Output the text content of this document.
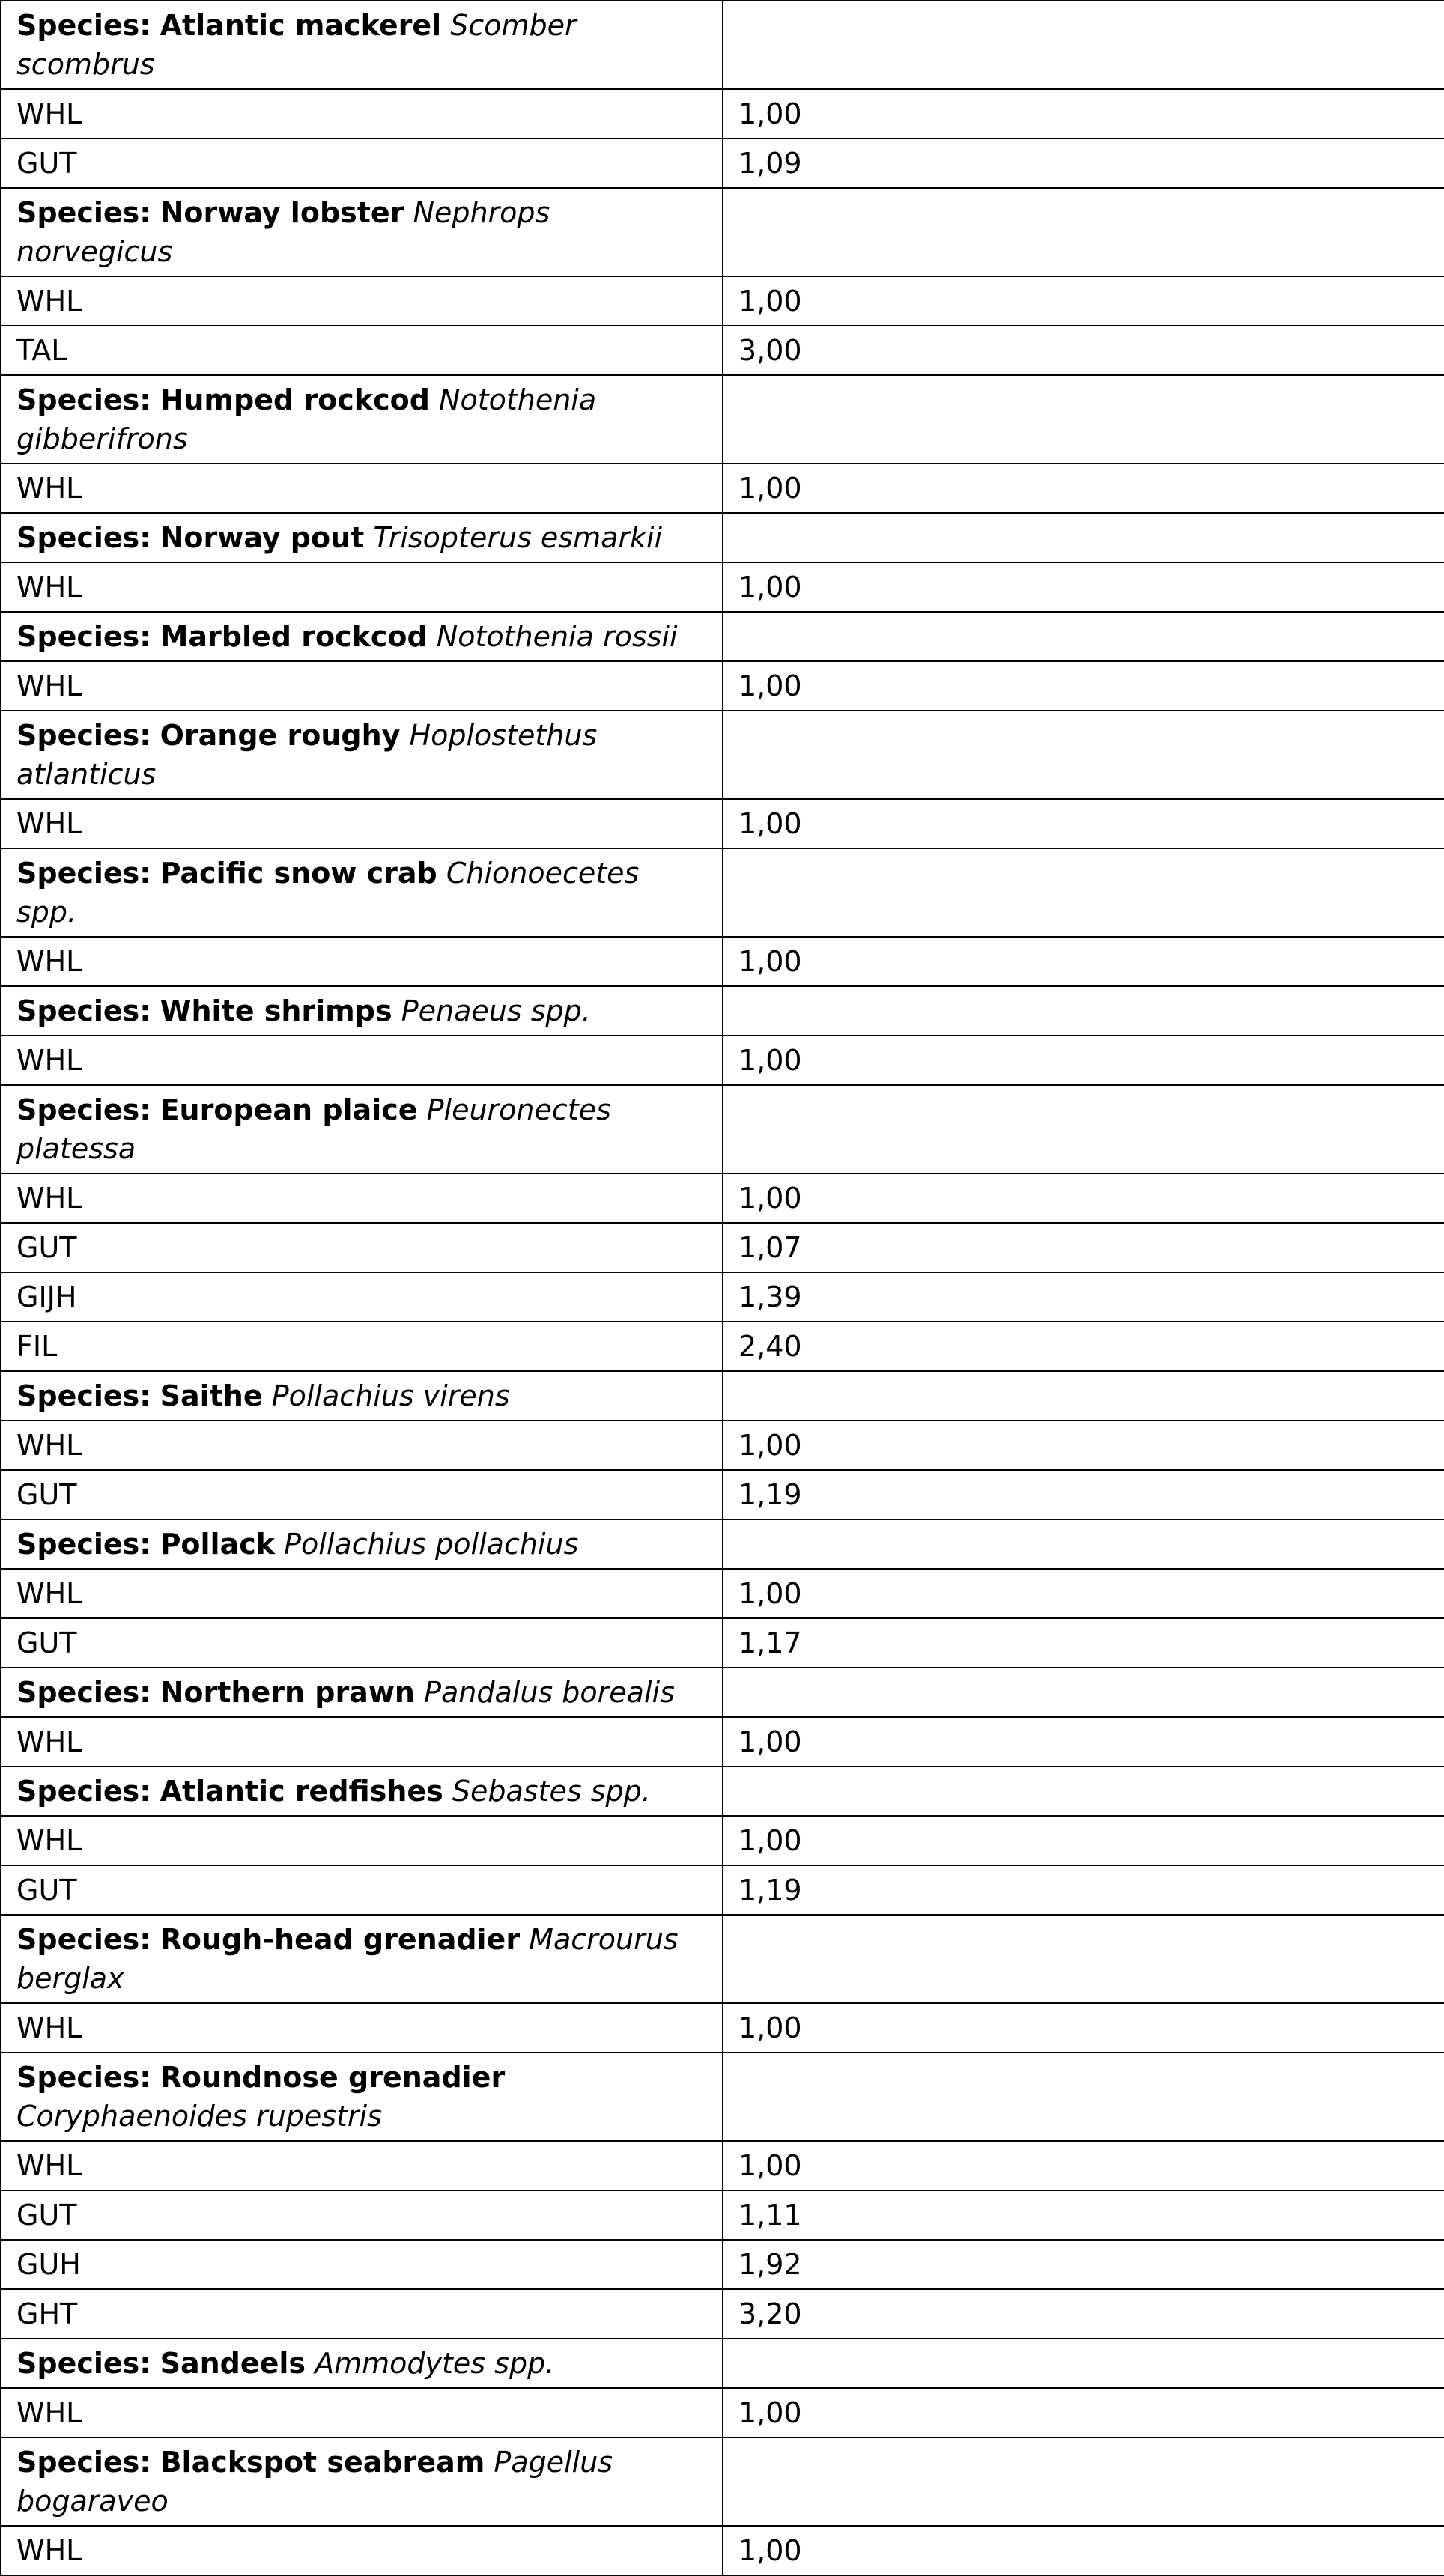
Species: Atlantic mackerel Scomber scombrus	
WHL	1,00
GUT	1,09
Species: Norway lobster Nephrops norvegicus	
WHL	1,00
TAL	3,00
Species: Humped rockcod Notothenia gibberifrons	
WHL	1,00
Species: Norway pout Trisopterus esmarkii	
WHL	1,00
Species: Marbled rockcod Notothenia rossii	
WHL	1,00
Species: Orange roughy Hoplostethus atlanticus	
WHL	1,00
Species: Pacific snow crab Chionoecetes spp.	
WHL	1,00
Species: White shrimps Penaeus spp.	
WHL	1,00
Species: European plaice Pleuronectes platessa	
WHL	1,00
GUT	1,07
GIJH	1,39
FIL	2,40
Species: Saithe Pollachius virens	
WHL	1,00
GUT	1,19
Species: Pollack Pollachius pollachius	
WHL	1,00
GUT	1,17
Species: Northern prawn Pandalus borealis	
WHL	1,00
Species: Atlantic redfishes Sebastes spp.	
WHL	1,00
GUT	1,19
Species: Rough-head grenadier Macrourus berglax	
WHL	1,00
Species: Roundnose grenadier Coryphaenoides rupestris	
WHL	1,00
GUT	1,11
GUH	1,92
GHT	3,20
Species: Sandeels Ammodytes spp.	
WHL	1,00
Species: Blackspot seabream Pagellus bogaraveo	
WHL	1,00
